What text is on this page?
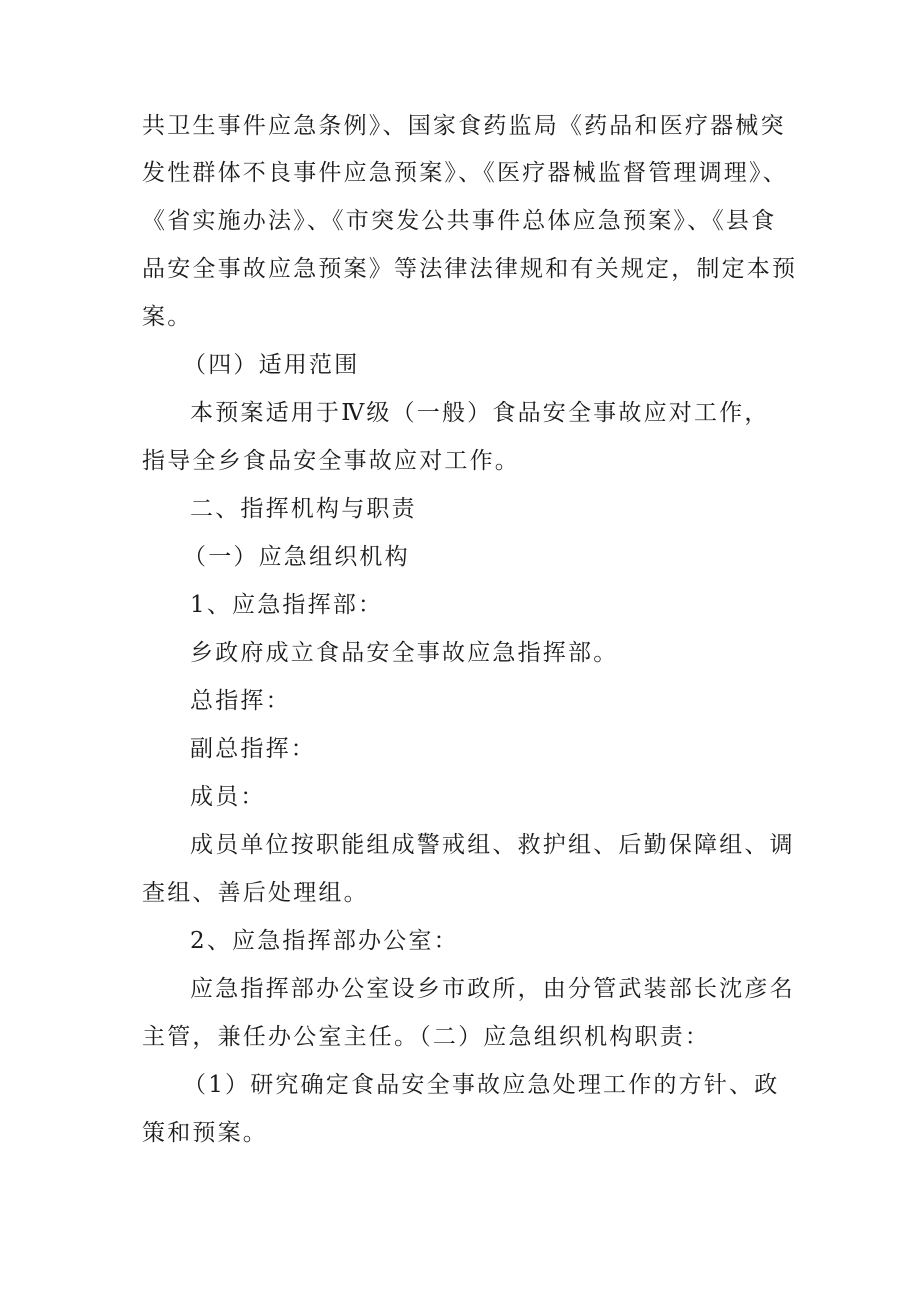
共卫生事件应急条例》、国家食药监局《药品和医疗器械突
发性群体不良事件应急预案》、《医疗器械监督管理调理》、
《省实施办法》、《市突发公共事件总体应急预案》、《县食
品安全事故应急预案》等法律法律规和有关规定，制定本预
案。
（四）适用范围
本预案适用于Ⅳ级（一般）食品安全事故应对工作，
指导全乡食品安全事故应对工作。
二、指挥机构与职责
（一）应急组织机构
1、应急指挥部：
乡政府成立食品安全事故应急指挥部。
总指挥：
副总指挥：
成员：
成员单位按职能组成警戒组、救护组、后勤保障组、调
查组、善后处理组。
2、应急指挥部办公室：
应急指挥部办公室设乡市政所，由分管武装部长沈彦名
主管，兼任办公室主任。（二）应急组织机构职责：
（1）研究确定食品安全事故应急处理工作的方针、政
策和预案。
